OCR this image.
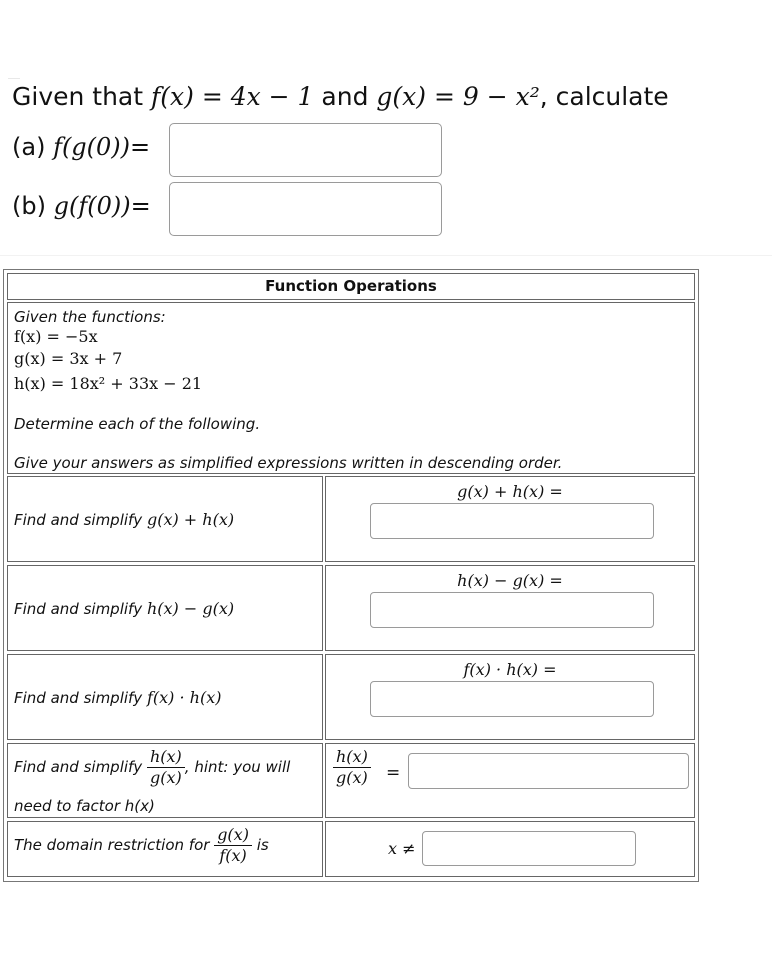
Given that f(x) = 4x − 1 and g(x) = 9 − x², calculate
(a) f(g(0))=
(b) g(f(0))=
Function Operations
Given the functions:
f(x) = −5x
g(x) = 3x + 7
h(x) = 18x² + 33x − 21
Determine each of the following.
Give your answers as simplified expressions written in descending order.
Find and simplify g(x) + h(x)
g(x) + h(x) =
Find and simplify h(x) − g(x)
h(x) − g(x) =
Find and simplify f(x) · h(x)
f(x) · h(x) =
Find and simplify $\frac{h(x)}{g(x)}$ , hint: you will
need to factor h(x)
$\frac{h(x)}{g(x)}$ =
The domain restriction for $\frac{g(x)}{f(x)}$ is	x ≠
